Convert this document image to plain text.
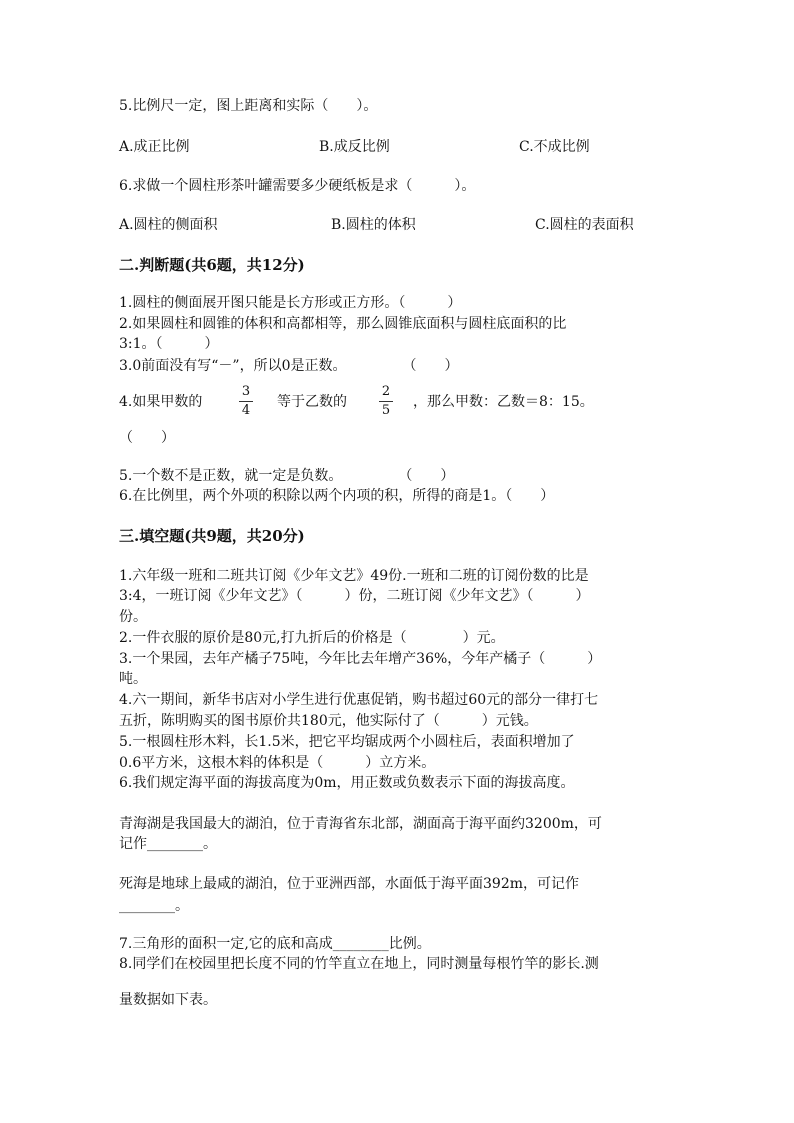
5.比例尺一定，图上距离和实际（　　）。
A.成正比例	B.成反比例	C.不成比例
6.求做一个圆柱形茶叶罐需要多少硬纸板是求（　　　）。
A.圆柱的侧面积	B.圆柱的体积	C.圆柱的表面积
二.判断题(共6题，共12分)
1.圆柱的侧面展开图只能是长方形或正方形。（　　　）
2.如果圆柱和圆锥的体积和高都相等，那么圆锥底面积与圆柱底面积的比
3:1。（　　　）
3.0前面没有写“－”，所以0是正数。　　　　　（　　）
4.如果甲数的
3
4
等于乙数的
2
5
，那么甲数：乙数＝8：15。
（　　）
5.一个数不是正数，就一定是负数。　　　　　（　　）
6.在比例里，两个外项的积除以两个内项的积，所得的商是1。（　　）
三.填空题(共9题，共20分)
1.六年级一班和二班共订阅《少年文艺》49份.一班和二班的订阅份数的比是
3:4，一班订阅《少年文艺》（　　　）份，二班订阅《少年文艺》（　　　）
份。
2.一件衣服的原价是80元,打九折后的价格是（　　　　）元。
3.一个果园，去年产橘子75吨，今年比去年增产36%，今年产橘子（　　　）
吨。
4.六一期间，新华书店对小学生进行优惠促销，购书超过60元的部分一律打七
五折，陈明购买的图书原价共180元，他实际付了（　　　）元钱。
5.一根圆柱形木料，长1.5米，把它平均锯成两个小圆柱后，表面积增加了
0.6平方米，这根木料的体积是（　　　）立方米。
6.我们规定海平面的海拔高度为0m，用正数或负数表示下面的海拔高度。
青海湖是我国最大的湖泊，位于青海省东北部，湖面高于海平面约3200m，可
记作________。
死海是地球上最咸的湖泊，位于亚洲西部，水面低于海平面392m，可记作
________。
7.三角形的面积一定,它的底和高成________比例。
8.同学们在校园里把长度不同的竹竿直立在地上，同时测量每根竹竿的影长.测
量数据如下表。
